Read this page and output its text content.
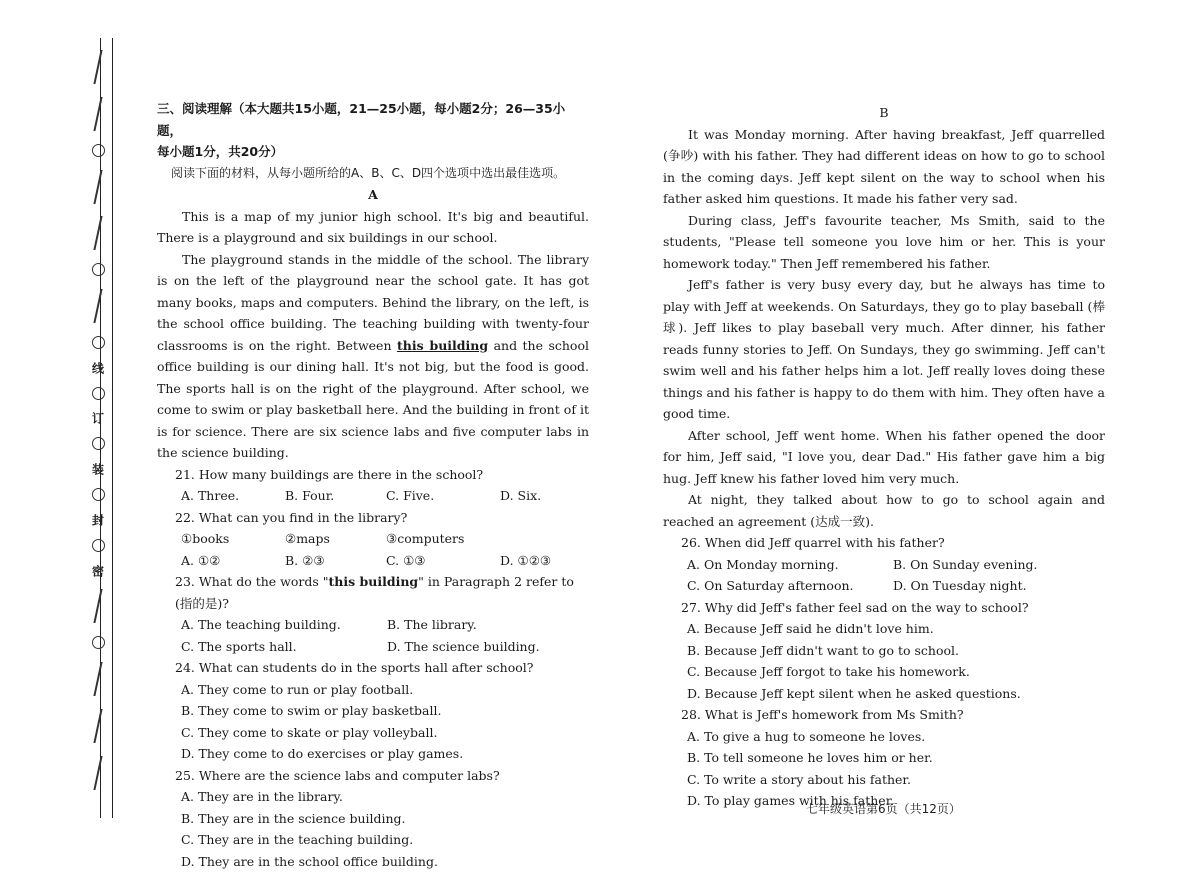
线
订
装
封
密

三、阅读理解（本大题共15小题，21—25小题，每小题2分；26—35小题，

每小题1分，共20分）

阅读下面的材料，从每小题所给的A、B、C、D四个选项中选出最佳选项。

A

This is a map of my junior high school. It's big and beautiful. There is a playground and six buildings in our school.

The playground stands in the middle of the school. The library is on the left of the playground near the school gate. It has got many books, maps and computers. Behind the library, on the left, is the school office building. The teaching building with twenty-four classrooms is on the right. Between this building and the school office building is our dining hall. It's not big, but the food is good. The sports hall is on the right of the playground. After school, we come to swim or play basketball here. And the building in front of it is for science. There are six science labs and five computer labs in the science building.

21. How many buildings are there in the school?

A. Three.	B. Four.	C. Five.	D. Six.

22. What can you find in the library?

①books	②maps	③computers
A. ①②	B. ②③	C. ①③	D. ①②③

23. What do the words "this building" in Paragraph 2 refer to (指的是)?

A. The teaching building.	B. The library.
C. The sports hall.	D. The science building.

24. What can students do in the sports hall after school?

A. They come to run or play football.
B. They come to swim or play basketball.
C. They come to skate or play volleyball.
D. They come to do exercises or play games.

25. Where are the science labs and computer labs?

A. They are in the library.
B. They are in the science building.
C. They are in the teaching building.
D. They are in the school office building.

B

It was Monday morning. After having breakfast, Jeff quarrelled (争吵) with his father. They had different ideas on how to go to school in the coming days. Jeff kept silent on the way to school when his father asked him questions. It made his father very sad.

During class, Jeff's favourite teacher, Ms Smith, said to the students, "Please tell someone you love him or her. This is your homework today." Then Jeff remembered his father.

Jeff's father is very busy every day, but he always has time to play with Jeff at weekends. On Saturdays, they go to play baseball (棒球). Jeff likes to play baseball very much. After dinner, his father reads funny stories to Jeff. On Sundays, they go swimming. Jeff can't swim well and his father helps him a lot. Jeff really loves doing these things and his father is happy to do them with him. They often have a good time.

After school, Jeff went home. When his father opened the door for him, Jeff said, "I love you, dear Dad." His father gave him a big hug. Jeff knew his father loved him very much.

At night, they talked about how to go to school again and reached an agreement (达成一致).

26. When did Jeff quarrel with his father?

A. On Monday morning.	B. On Sunday evening.
C. On Saturday afternoon.	D. On Tuesday night.

27. Why did Jeff's father feel sad on the way to school?

A. Because Jeff said he didn't love him.
B. Because Jeff didn't want to go to school.
C. Because Jeff forgot to take his homework.
D. Because Jeff kept silent when he asked questions.

28. What is Jeff's homework from Ms Smith?

A. To give a hug to someone he loves.
B. To tell someone he loves him or her.
C. To write a story about his father.
D. To play games with his father.
七年级英语第6页（共12页）
